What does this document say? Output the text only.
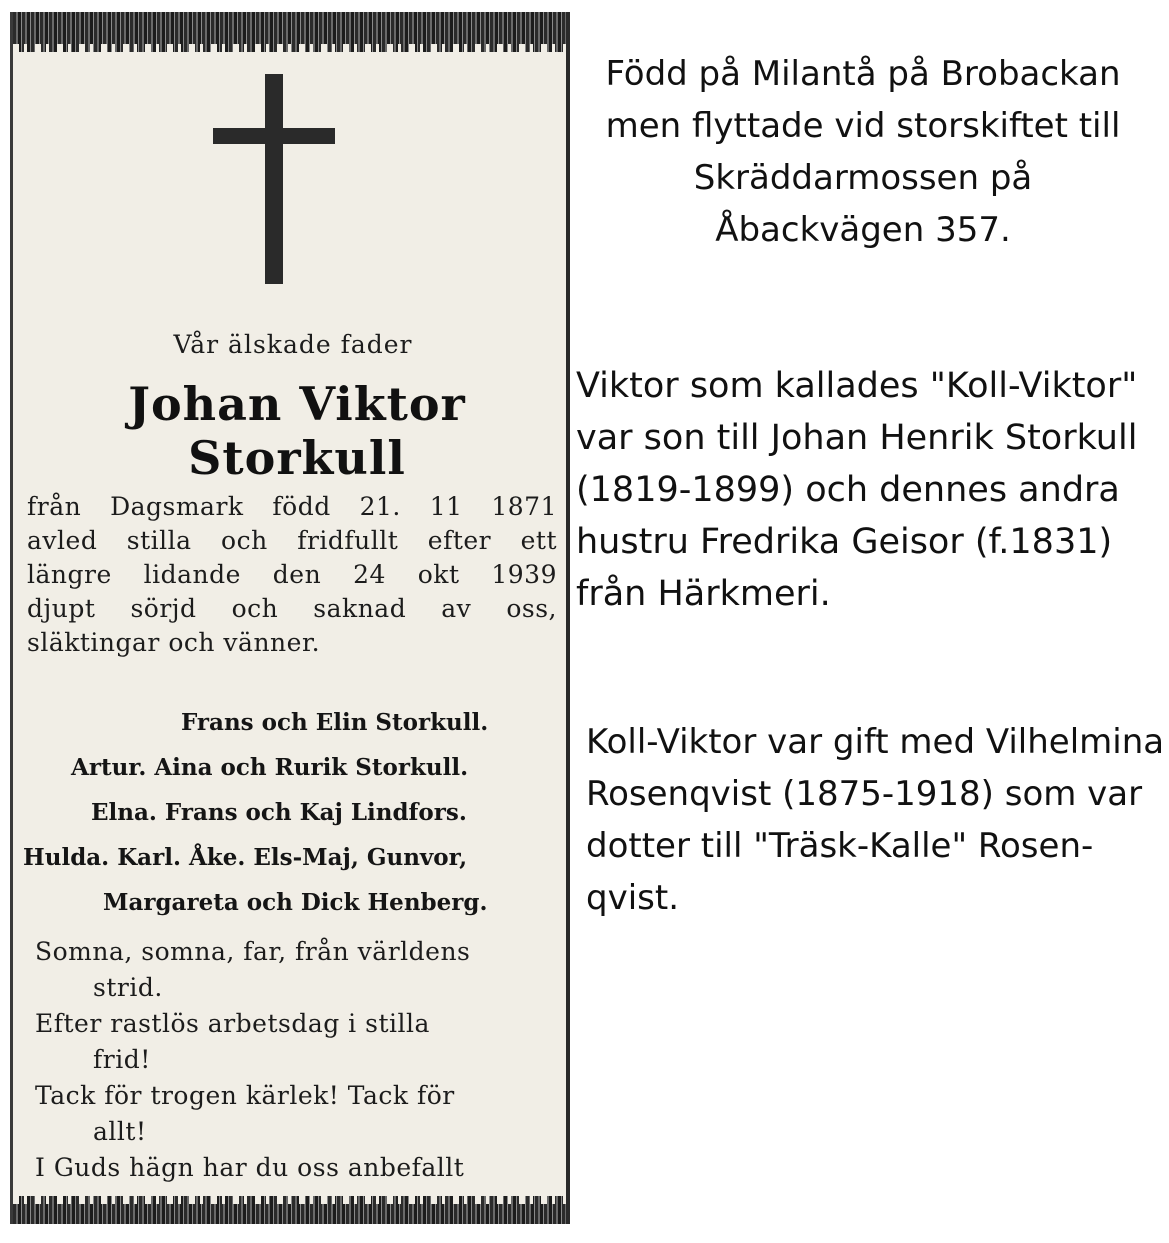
Vår älskade fader
Johan Viktor Storkull
från Dagsmark född 21. 11 1871
avled stilla och fridfullt efter ett
längre lidande den 24 okt 1939
djupt sörjd och saknad av oss,
släktingar och vänner.
Frans och Elin Storkull.
Artur. Aina och Rurik Storkull.
Elna. Frans och Kaj Lindfors.
Hulda. Karl. Åke. Els-Maj, Gunvor,
Margareta och Dick Henberg.
Somna, somna, far, från världens
strid.
Efter rastlös arbetsdag i stilla
frid!
Tack för trogen kärlek! Tack för
allt!
I Guds hägn har du oss anbefallt
Född på Milantå på Brobackan
men flyttade vid storskiftet till
Skräddarmossen på
Åbackvägen 357.
Viktor som kallades "Koll-Viktor"
var son till Johan Henrik Storkull
(1819-1899) och dennes andra
hustru Fredrika Geisor (f.1831)
från Härkmeri.
Koll-Viktor var gift med Vilhelmina
Rosenqvist (1875-1918) som var
dotter till "Träsk-Kalle" Rosen-
qvist.
